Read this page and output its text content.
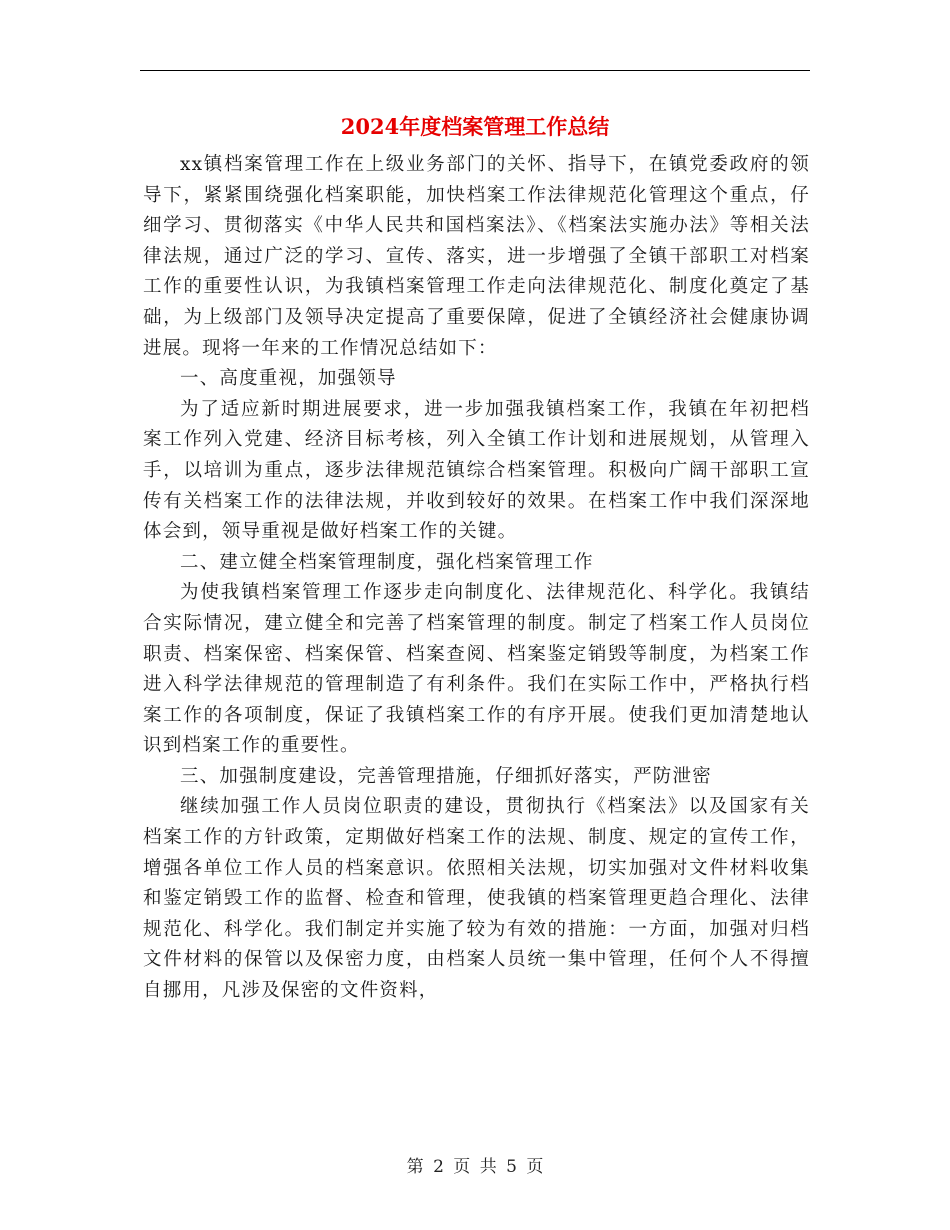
2024年度档案管理工作总结

xx镇档案管理工作在上级业务部门的关怀、指导下，在镇党委政府的领导下，紧紧围绕强化档案职能，加快档案工作法律规范化管理这个重点，仔细学习、贯彻落实《中华人民共和国档案法》、《档案法实施办法》等相关法律法规，通过广泛的学习、宣传、落实，进一步增强了全镇干部职工对档案工作的重要性认识，为我镇档案管理工作走向法律规范化、制度化奠定了基础，为上级部门及领导决定提高了重要保障，促进了全镇经济社会健康协调进展。现将一年来的工作情况总结如下：

一、高度重视，加强领导

为了适应新时期进展要求，进一步加强我镇档案工作，我镇在年初把档案工作列入党建、经济目标考核，列入全镇工作计划和进展规划，从管理入手，以培训为重点，逐步法律规范镇综合档案管理。积极向广阔干部职工宣传有关档案工作的法律法规，并收到较好的效果。在档案工作中我们深深地体会到，领导重视是做好档案工作的关键。

二、建立健全档案管理制度，强化档案管理工作

为使我镇档案管理工作逐步走向制度化、法律规范化、科学化。我镇结合实际情况，建立健全和完善了档案管理的制度。制定了档案工作人员岗位职责、档案保密、档案保管、档案查阅、档案鉴定销毁等制度，为档案工作进入科学法律规范的管理制造了有利条件。我们在实际工作中，严格执行档案工作的各项制度，保证了我镇档案工作的有序开展。使我们更加清楚地认识到档案工作的重要性。

三、加强制度建设，完善管理措施，仔细抓好落实，严防泄密

继续加强工作人员岗位职责的建设，贯彻执行《档案法》以及国家有关档案工作的方针政策，定期做好档案工作的法规、制度、规定的宣传工作，增强各单位工作人员的档案意识。依照相关法规，切实加强对文件材料收集和鉴定销毁工作的监督、检查和管理，使我镇的档案管理更趋合理化、法律规范化、科学化。我们制定并实施了较为有效的措施：一方面，加强对归档文件材料的保管以及保密力度，由档案人员统一集中管理，任何个人不得擅自挪用，凡涉及保密的文件资料，

第 2 页 共 5 页
